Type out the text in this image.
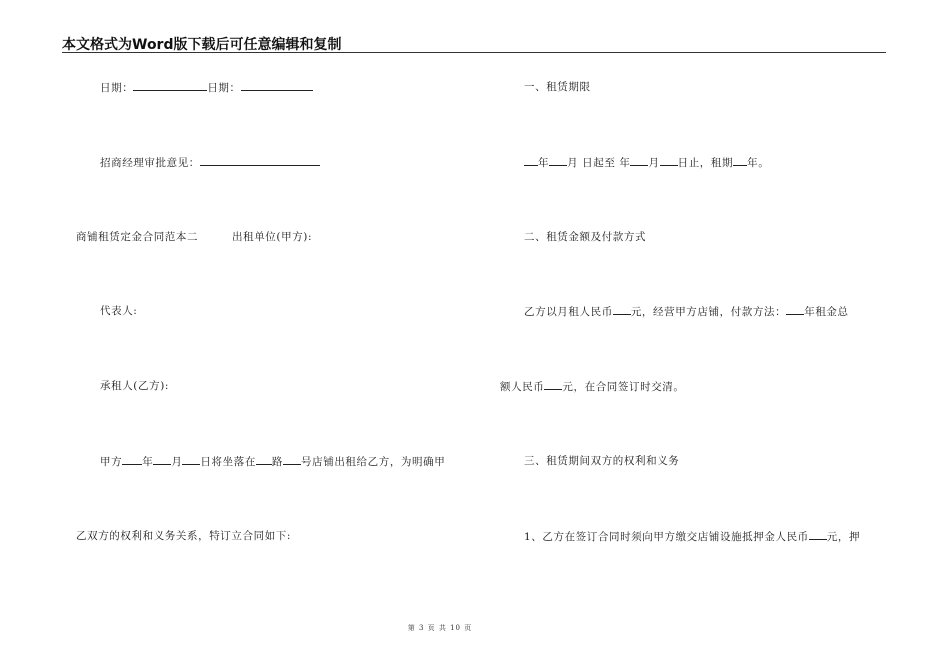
本文格式为Word版下载后可任意编辑和复制
日期：	日期：
招商经理审批意见：
商铺租赁定金合同范本二	出租单位(甲方):
代表人:
承租人(乙方):
甲方 年 月 日将坐落在 路 号店铺出租给乙方，为明确甲
乙双方的权利和义务关系，特订立合同如下:
一、租赁期限
年 月 日起至 年 月 日止，租期 年。
二、租赁金额及付款方式
乙方以月租人民币 元，经营甲方店铺，付款方法： 年租金总
额人民币 元，在合同签订时交清。
三、租赁期间双方的权利和义务
1、乙方在签订合同时须向甲方缴交店铺设施抵押金人民币 元，押
第 3 页 共 10 页
